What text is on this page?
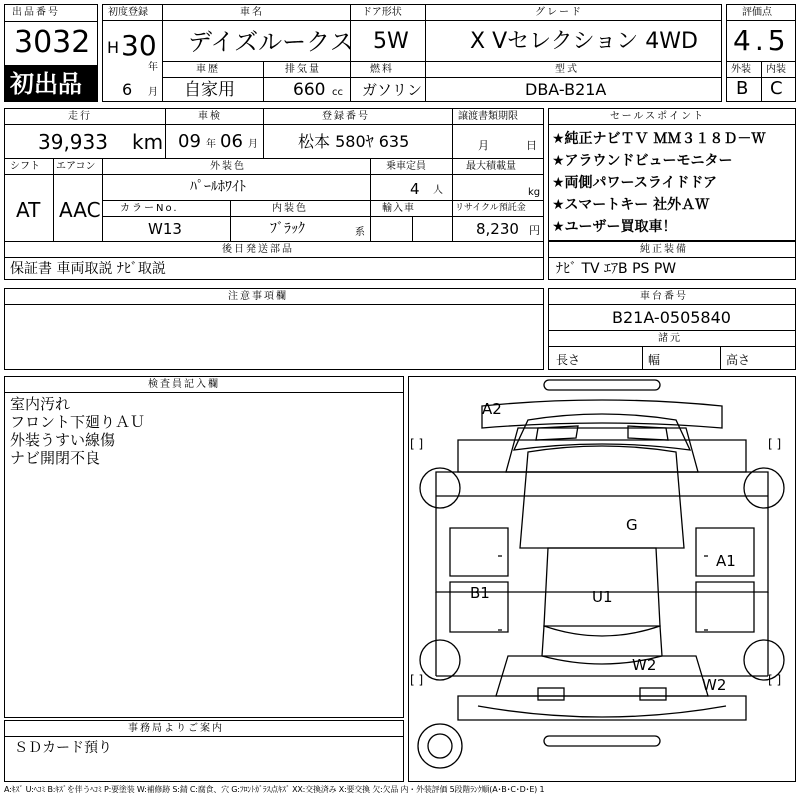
出品番号
3032
初出品
初度登録
H 30
年
6 月
車名
デイズルークス
ドア形状
5W
グレード
X Vセレクション 4WD
車歴
自家用
排気量
660 cc
燃料
ガソリン
型式
DBA-B21A
評価点
4.5
外装 内装
B C
走行
39,933 km
車検
09 年 06 月
登録番号
松本 580ﾔ 635
譲渡書類期限
月	日
シフト
AT
エアコン
AAC
外装色
ﾊﾟｰﾙﾎﾜｲﾄ
乗車定員
4 人
最大積載量
kg
カラーNo.
W13
内装色
ﾌﾞﾗｯｸ	系
輸入車	リサイクル預託金
8,230 円
後日発送部品
保証書 車両取説 ﾅﾋﾞ取説
セールスポイント
★純正ナビＴＶ ＭＭ３１８Ｄ－Ｗ
★アラウンドビューモニター
★両側パワースライドドア
★スマートキー 社外ＡＷ
★ユーザー買取車！
純正装備
ﾅﾋﾞ TV ｴｱB PS PW
注意事項欄	車台番号
B21A-0505840
諸元
長さ	幅	高さ
検査員記入欄
室内汚れ
フロント下廻りＡＵ
外装うすい線傷
ナビ開閉不良
事務局よりご案内
ＳＤカード預り
[ ]	[ ]
[ ]	[ ]
A2
G
A1
B1	U1
W2
W2
A:ｷｽﾞ U:ﾍｺﾐ B:ｷｽﾞを伴うﾍｺﾐ P:要塗装 W:補修跡 S:錆 C:腐食、穴 G:ﾌﾛﾝﾄｶﾞﾗｽ点ｷｽﾞ XX:交換済み X:要交換 欠:欠品 内・外装評価 5段階ﾗﾝｸ順(A･B･C･D･E) 1
